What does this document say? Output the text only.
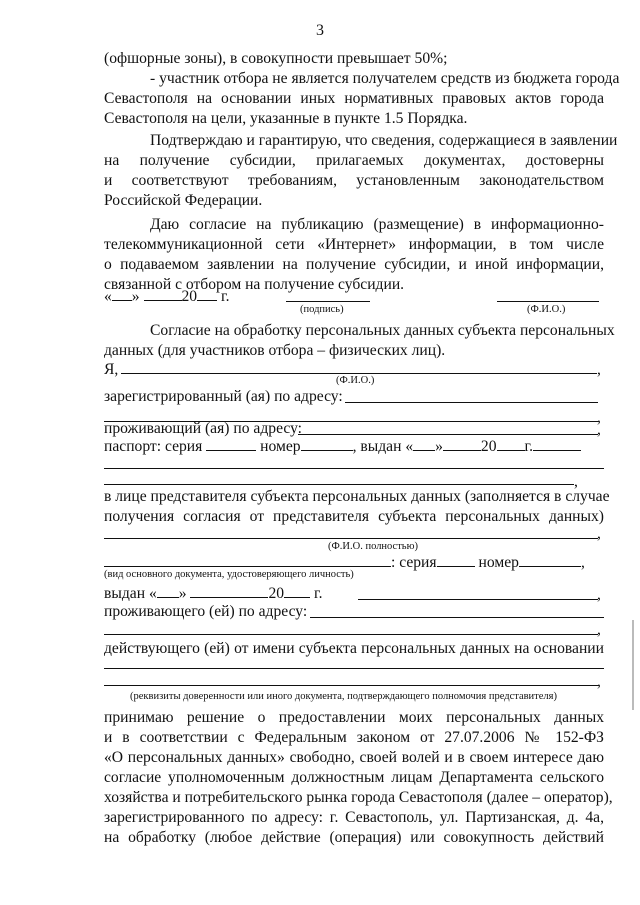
3
(офшорные зоны), в совокупности превышает 50%;
- участник отбора не является получателем средств из бюджета города
Севастополя на основании иных нормативных правовых актов города
Севастополя на цели, указанные в пункте 1.5 Порядка.
Подтверждаю и гарантирую, что сведения, содержащиеся в заявлении
на получение субсидии, прилагаемых документах, достоверны
и соответствуют требованиям, установленным законодательством
Российской Федерации.
Даю согласие на публикацию (размещение) в информационно-
телекоммуникационной сети «Интернет» информации, в том числе
о подаваемом заявлении на получение субсидии, и иной информации,
связанной с отбором на получение субсидии.
« »	20 г.
(подпись)	(Ф.И.О.)
Согласие на обработку персональных данных субъекта персональных
данных (для участников отбора – физических лиц).
Я,	,
(Ф.И.О.)
зарегистрированный (ая) по адресу:
,
проживающий (ая) по адресу:	,
паспорт: серия	номер	, выдан « » 20 г.
,
в лице представителя субъекта персональных данных (заполняется в случае
получения согласия от представителя субъекта персональных данных)
,
(Ф.И.О. полностью)
: серия	номер	,
(вид основного документа, удостоверяющего личность)
выдан « »	20 г.	,
проживающего (ей) по адресу:
,
действующего (ей) от имени субъекта персональных данных на основании
,
(реквизиты доверенности или иного документа, подтверждающего полномочия представителя)
принимаю решение о предоставлении моих персональных данных
и в соответствии с Федеральным законом от 27.07.2006 № 152-ФЗ
«О персональных данных» свободно, своей волей и в своем интересе даю
согласие уполномоченным должностным лицам Департамента сельского
хозяйства и потребительского рынка города Севастополя (далее – оператор),
зарегистрированного по адресу: г. Севастополь, ул. Партизанская, д. 4а,
на обработку (любое действие (операция) или совокупность действий
